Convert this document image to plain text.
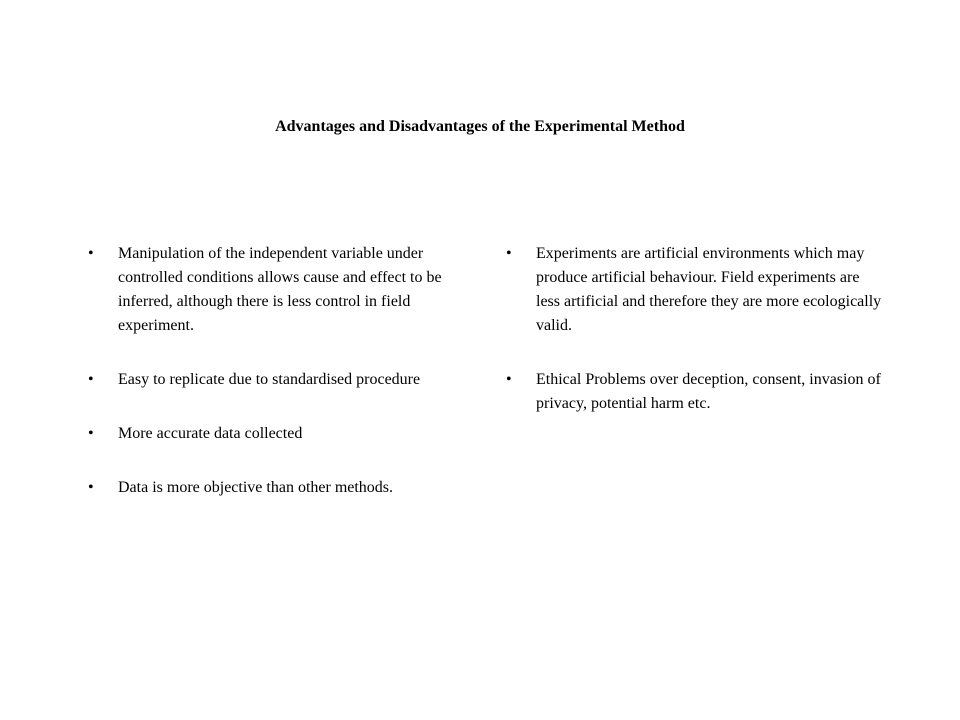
Advantages and Disadvantages of the Experimental Method
•	Manipulation of the independent variable under controlled conditions allows cause and effect to be inferred, although there is less control in field experiment.
•	Easy to replicate due to standardised procedure
•	More accurate data collected
•	Data is more objective than other methods.
•	Experiments are artificial environments which may produce artificial behaviour. Field experiments are less artificial and therefore they are more ecologically valid.
•	Ethical Problems over deception, consent, invasion of privacy, potential harm etc.
